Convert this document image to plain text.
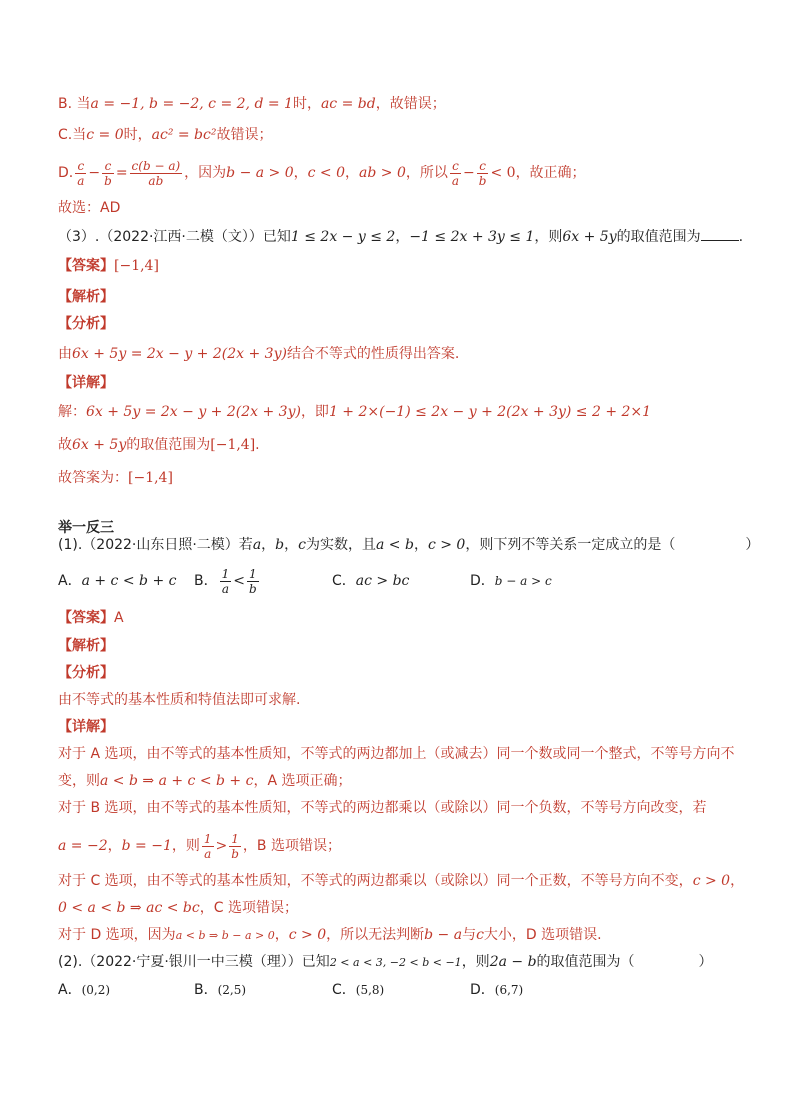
B. 当a = −1, b = −2, c = 2, d = 1时，ac = bd，故错误；
C.当c = 0时，ac² = bc²故错误；
D. $\frac{c}{a} - \frac{c}{b} = \frac{c(b - a)}{ab}$ ，因为b − a > 0，c < 0，ab > 0，所以 $\frac{c}{a} - \frac{c}{b} < 0$，故正确；
故选：AD
（3）.（2022·江西·二模（文））已知1 ≤ 2x − y ≤ 2，−1 ≤ 2x + 3y ≤ 1，则6x + 5y的取值范围为	.
【答案】[−1,4]
【解析】
【分析】
由6x + 5y = 2x − y + 2(2x + 3y)结合不等式的性质得出答案.
【详解】
解：6x + 5y = 2x − y + 2(2x + 3y)，即1 + 2×(−1) ≤ 2x − y + 2(2x + 3y) ≤ 2 + 2×1
故6x + 5y的取值范围为[−1,4].
故答案为：[−1,4]
举一反三
(1).（2022·山东日照·二模）若a，b，c为实数，且a < b，c > 0，则下列不等关系一定成立的是（	）
A．a + c < b + c B． $\frac{1}{a} < \frac{1}{b}$	C．ac > bc	D．b − a > c
【答案】A
【解析】
【分析】
由不等式的基本性质和特值法即可求解.
【详解】
对于 A 选项，由不等式的基本性质知，不等式的两边都加上（或减去）同一个数或同一个整式，不等号方向不
变，则a < b ⇒ a + c < b + c，A 选项正确；
对于 B 选项，由不等式的基本性质知，不等式的两边都乘以（或除以）同一个负数，不等号方向改变，若
a = −2，b = −1，则 $\frac{1}{a} > \frac{1}{b}$ ，B 选项错误；
对于 C 选项，由不等式的基本性质知，不等式的两边都乘以（或除以）同一个正数，不等号方向不变，c > 0，
0 < a < b ⇒ ac < bc，C 选项错误；
对于 D 选项，因为a < b ⇒ b − a > 0，c > 0，所以无法判断b − a与c大小，D 选项错误.
(2).（2022·宁夏·银川一中三模（理））已知2 < a < 3, −2 < b < −1，则2a − b的取值范围为（	）
A．(0,2)	B．(2,5)	C．(5,8)	D．(6,7)
